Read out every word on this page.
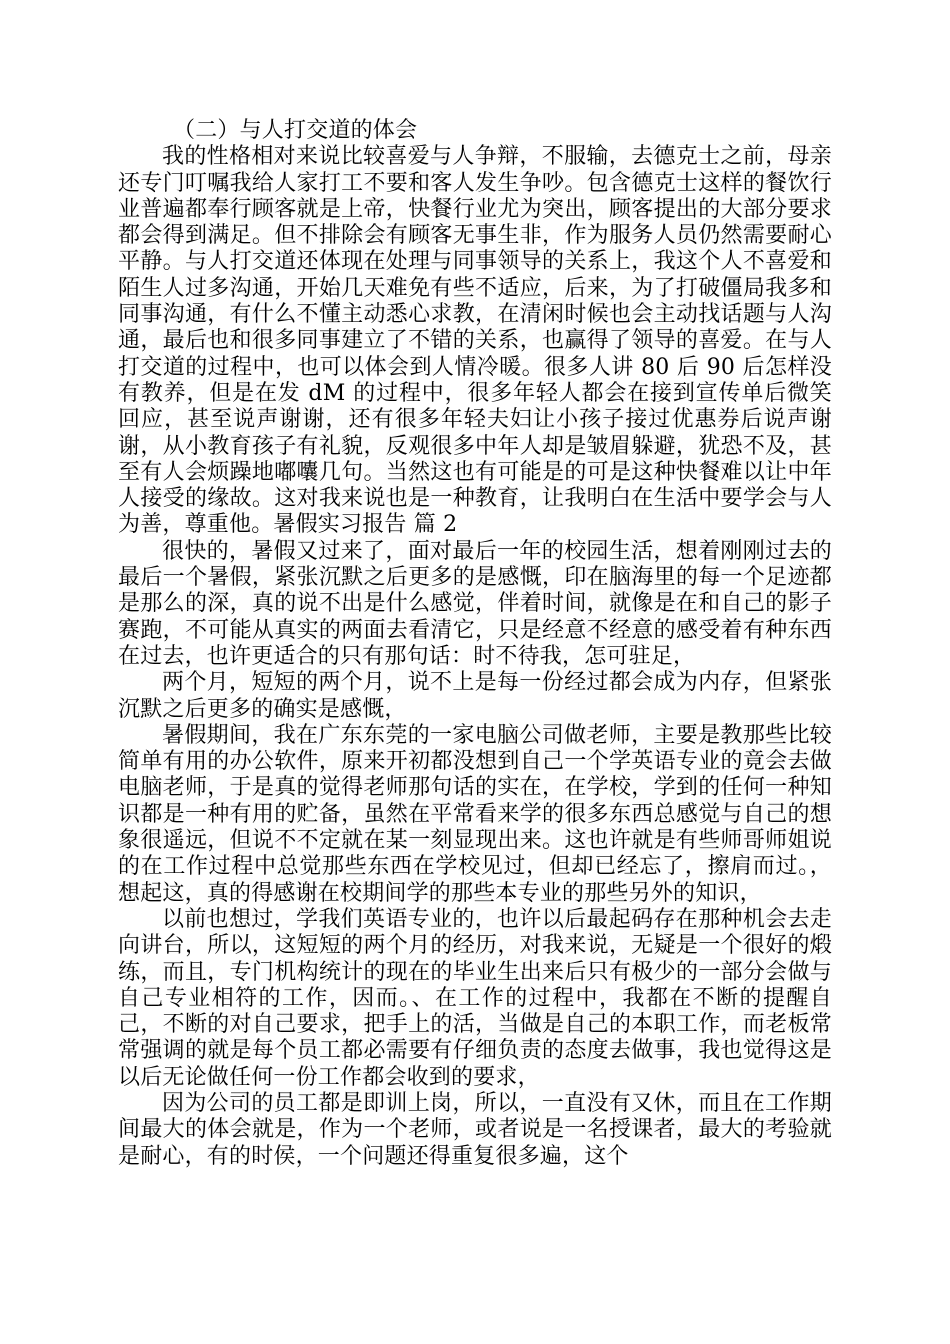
（二）与人打交道的体会

我的性格相对来说比较喜爱与人争辩，不服输，去德克士之前，母亲还专门叮嘱我给人家打工不要和客人发生争吵。包含德克士这样的餐饮行业普遍都奉行顾客就是上帝，快餐行业尤为突出，顾客提出的大部分要求都会得到满足。但不排除会有顾客无事生非，作为服务人员仍然需要耐心平静。与人打交道还体现在处理与同事领导的关系上，我这个人不喜爱和陌生人过多沟通，开始几天难免有些不适应，后来，为了打破僵局我多和同事沟通，有什么不懂主动悉心求教，在清闲时候也会主动找话题与人沟通，最后也和很多同事建立了不错的关系，也赢得了领导的喜爱。在与人打交道的过程中，也可以体会到人情冷暖。很多人讲 80 后 90 后怎样没有教养，但是在发 dM 的过程中，很多年轻人都会在接到宣传单后微笑回应，甚至说声谢谢，还有很多年轻夫妇让小孩子接过优惠券后说声谢谢，从小教育孩子有礼貌，反观很多中年人却是皱眉躲避，犹恐不及，甚至有人会烦躁地嘟囔几句。当然这也有可能是的可是这种快餐难以让中年人接受的缘故。这对我来说也是一种教育，让我明白在生活中要学会与人为善，尊重他。暑假实习报告 篇 2

很快的，暑假又过来了，面对最后一年的校园生活，想着刚刚过去的最后一个暑假，紧张沉默之后更多的是感慨，印在脑海里的每一个足迹都是那么的深，真的说不出是什么感觉，伴着时间，就像是在和自己的影子赛跑，不可能从真实的两面去看清它，只是经意不经意的感受着有种东西在过去，也许更适合的只有那句话：时不待我，怎可驻足，

两个月，短短的两个月，说不上是每一份经过都会成为内存，但紧张沉默之后更多的确实是感慨，

暑假期间，我在广东东莞的一家电脑公司做老师，主要是教那些比较简单有用的办公软件，原来开初都没想到自己一个学英语专业的竟会去做电脑老师，于是真的觉得老师那句话的实在，在学校，学到的任何一种知识都是一种有用的贮备，虽然在平常看来学的很多东西总感觉与自己的想象很遥远，但说不不定就在某一刻显现出来。这也许就是有些师哥师姐说的在工作过程中总觉那些东西在学校见过，但却已经忘了，擦肩而过。，想起这，真的得感谢在校期间学的那些本专业的那些另外的知识，

以前也想过，学我们英语专业的，也许以后最起码存在那种机会去走向讲台，所以，这短短的两个月的经历，对我来说，无疑是一个很好的煅练，而且，专门机构统计的现在的毕业生出来后只有极少的一部分会做与自己专业相符的工作，因而。、在工作的过程中，我都在不断的提醒自己，不断的对自己要求，把手上的活，当做是自己的本职工作，而老板常常强调的就是每个员工都必需要有仔细负责的态度去做事，我也觉得这是以后无论做任何一份工作都会收到的要求，

因为公司的员工都是即训上岗，所以，一直没有又休，而且在工作期间最大的体会就是，作为一个老师，或者说是一名授课者，最大的考验就是耐心，有的时侯，一个问题还得重复很多遍，这个
